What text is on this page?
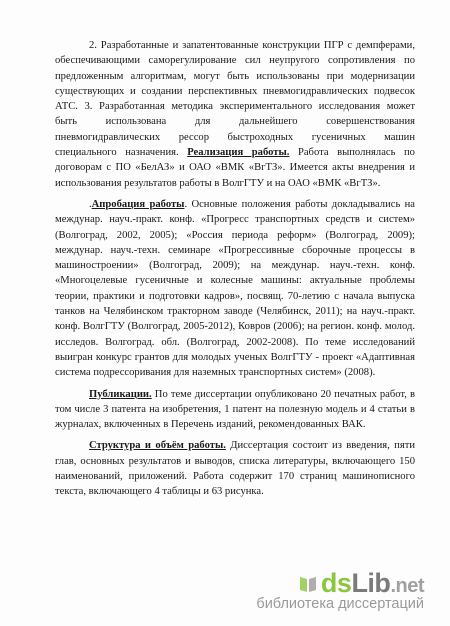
2. Разработанные и запатентованные конструкции ПГР с демпферами, обеспечивающими саморегулирование сил неупругого сопротивления по предложенным алгоритмам, могут быть использованы при модернизации существующих и создании перспективных пневмогидравлических подвесок АТС. 3. Разработанная методика экспериментального исследования может быть использована для дальнейшего совершенствования пневмогидравлических рессор быстроходных гусеничных машин специального назначения. Реализация работы. Работа выполнялась по договорам с ПО «БелАЗ» и ОАО «ВМК «ВгТЗ». Имеется акты внедрения и использования результатов работы в ВолгГТУ и на ОАО «ВМК «ВгТЗ».

.Апробация работы. Основные положения работы докладывались на междунар. науч.-практ. конф. «Прогресс транспортных средств и систем» (Волгоград, 2002, 2005); «Россия периода реформ» (Волгоград, 2009); междунар. науч.-техн. семинаре «Прогрессивные сборочные процессы в машиностроении» (Волгоград, 2009); на междунар. науч.-техн. конф. «Многоцелевые гусеничные и колесные машины: актуальные проблемы теории, практики и подготовки кадров», посвящ. 70-летию с начала выпуска танков на Челябинском тракторном заводе (Челябинск, 2011); на науч.-практ. конф. ВолгГТУ (Волгоград, 2005-2012), Ковров (2006); на регион. конф. молод. исследов. Волгоград. обл. (Волгоград, 2002-2008). По теме исследований выигран конкурс грантов для молодых ученых ВолгГТУ - проект «Адаптивная система подрессоривания для наземных транспортных систем» (2008).

Публикации. По теме диссертации опубликовано 20 печатных работ, в том числе 3 патента на изобретения, 1 патент на полезную модель и 4 статьи в журналах, включенных в Перечень изданий, рекомендованных ВАК.

Структура и объём работы. Диссертация состоит из введения, пяти глав, основных результатов и выводов, списка литературы, включающего 150 наименований, приложений. Работа содержит 170 страниц машинописного текста, включающего 4 таблицы и 63 рисунка.

dsLib.net
библиотека диссертаций
